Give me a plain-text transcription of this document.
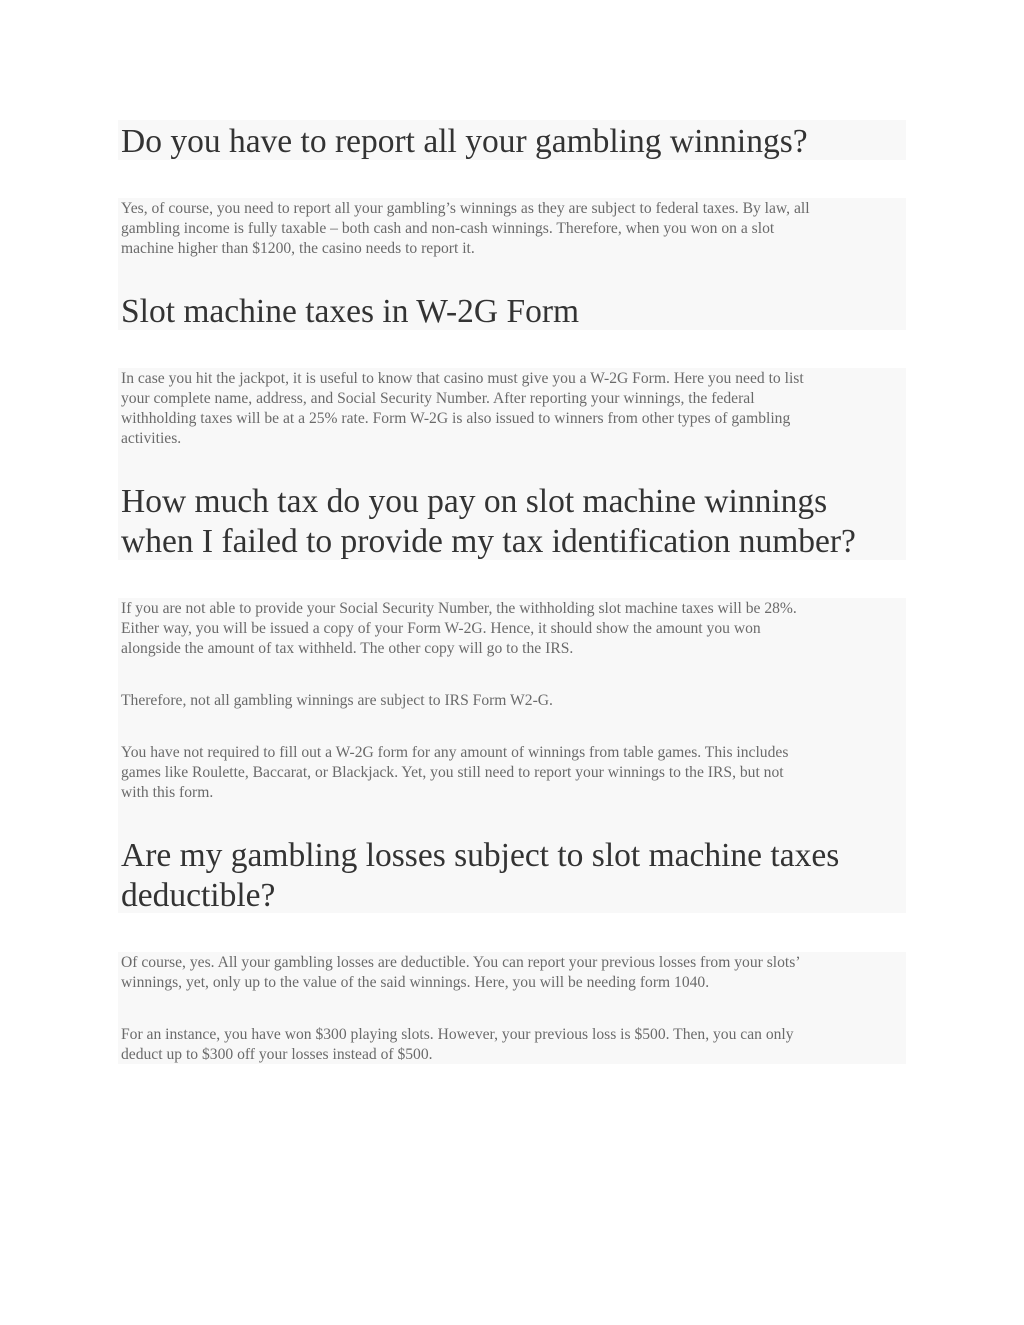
Do you have to report all your gambling winnings?

Yes, of course, you need to report all your gambling’s winnings as they are subject to federal taxes. By law, all
gambling income is fully taxable – both cash and non-cash winnings. Therefore, when you won on a slot
machine higher than $1200, the casino needs to report it.

Slot machine taxes in W-2G Form

In case you hit the jackpot, it is useful to know that casino must give you a W-2G Form. Here you need to list
your complete name, address, and Social Security Number. After reporting your winnings, the federal
withholding taxes will be at a 25% rate. Form W-2G is also issued to winners from other types of gambling
activities.

How much tax do you pay on slot machine winnings
when I failed to provide my tax identification number?

If you are not able to provide your Social Security Number, the withholding slot machine taxes will be 28%.
Either way, you will be issued a copy of your Form W-2G. Hence, it should show the amount you won
alongside the amount of tax withheld. The other copy will go to the IRS.

Therefore, not all gambling winnings are subject to IRS Form W2-G.

You have not required to fill out a W-2G form for any amount of winnings from table games. This includes
games like Roulette, Baccarat, or Blackjack. Yet, you still need to report your winnings to the IRS, but not
with this form.

Are my gambling losses subject to slot machine taxes
deductible?

Of course, yes. All your gambling losses are deductible. You can report your previous losses from your slots’
winnings, yet, only up to the value of the said winnings. Here, you will be needing form 1040.

For an instance, you have won $300 playing slots. However, your previous loss is $500. Then, you can only
deduct up to $300 off your losses instead of $500.
